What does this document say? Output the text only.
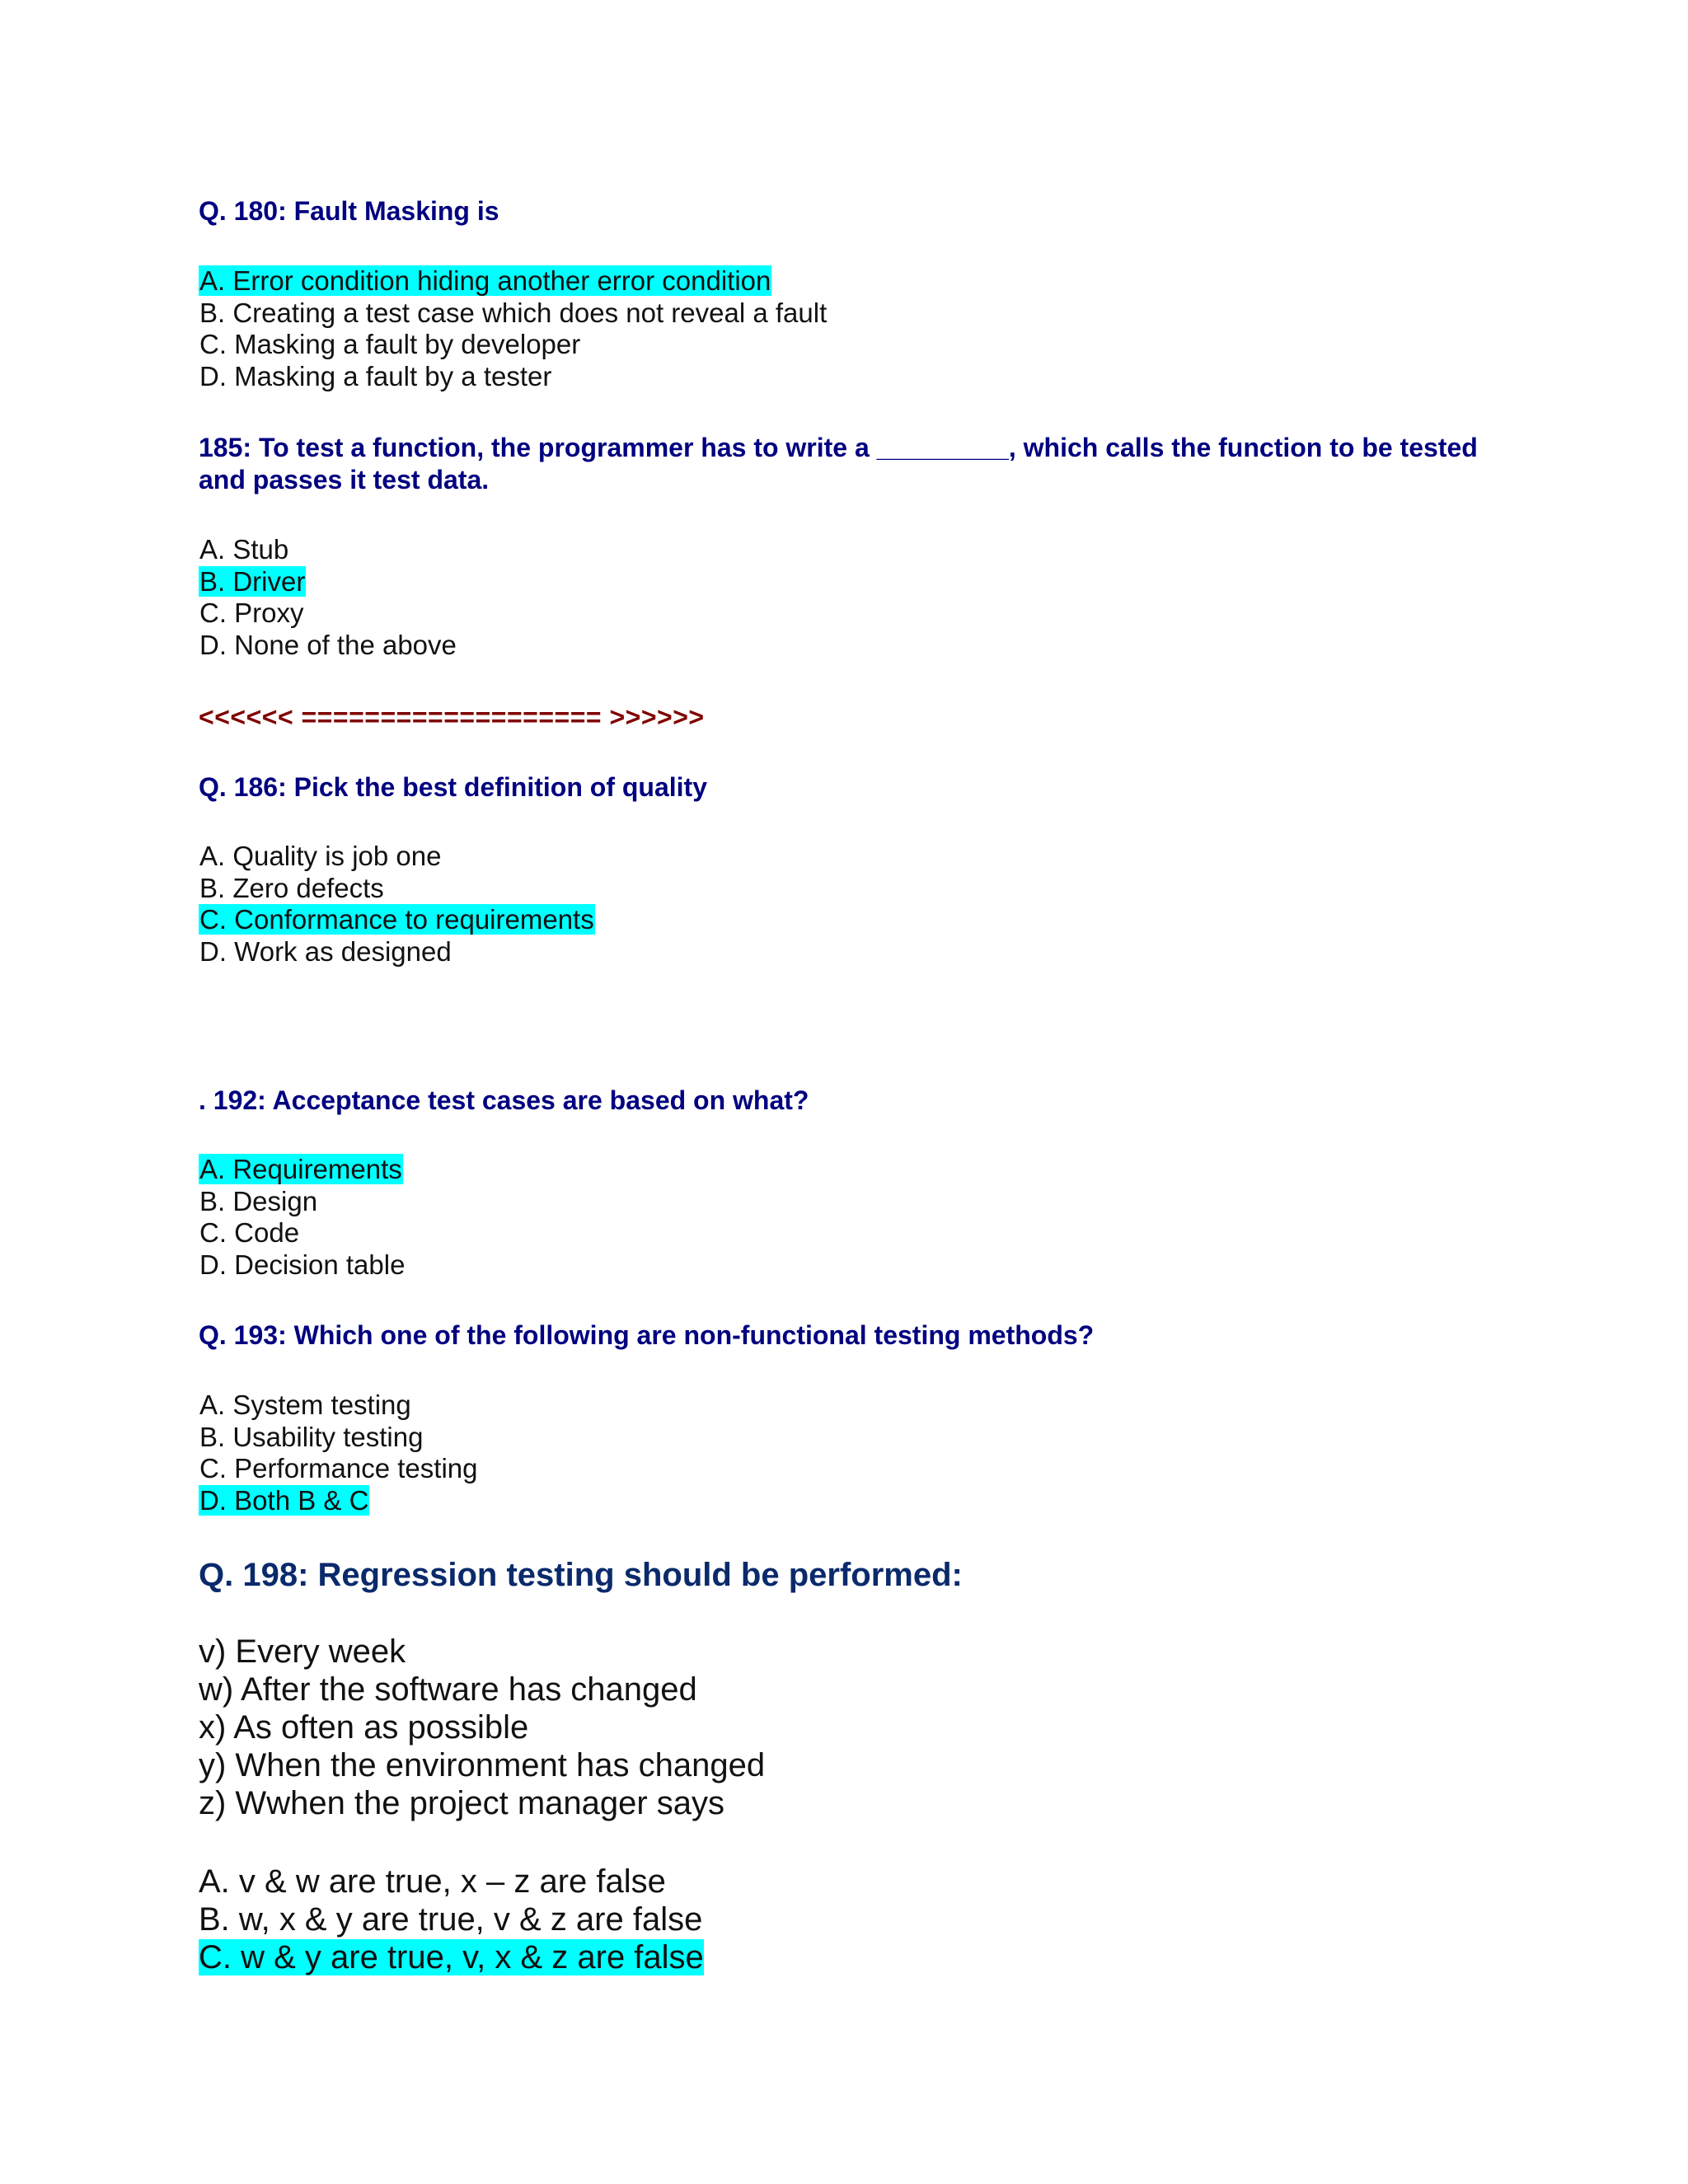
Q. 180: Fault Masking is

A. Error condition hiding another error condition
B. Creating a test case which does not reveal a fault
C. Masking a fault by developer
D. Masking a fault by a tester

185: To test a function, the programmer has to write a _________, which calls the function to be tested and passes it test data.

A. Stub
B. Driver
C. Proxy
D. None of the above
<<<<<< =================== >>>>>>

Q. 186: Pick the best definition of quality

A. Quality is job one
B. Zero defects
C. Conformance to requirements
D. Work as designed

. 192: Acceptance test cases are based on what?

A. Requirements
B. Design
C. Code
D. Decision table

Q. 193: Which one of the following are non-functional testing methods?

A. System testing
B. Usability testing
C. Performance testing
D. Both B & C

Q. 198: Regression testing should be performed:

v) Every week
w) After the software has changed
x) As often as possible
y) When the environment has changed
z) Wwhen the project manager says
A. v & w are true, x – z are false
B. w, x & y are true, v & z are false
C. w & y are true, v, x & z are false
